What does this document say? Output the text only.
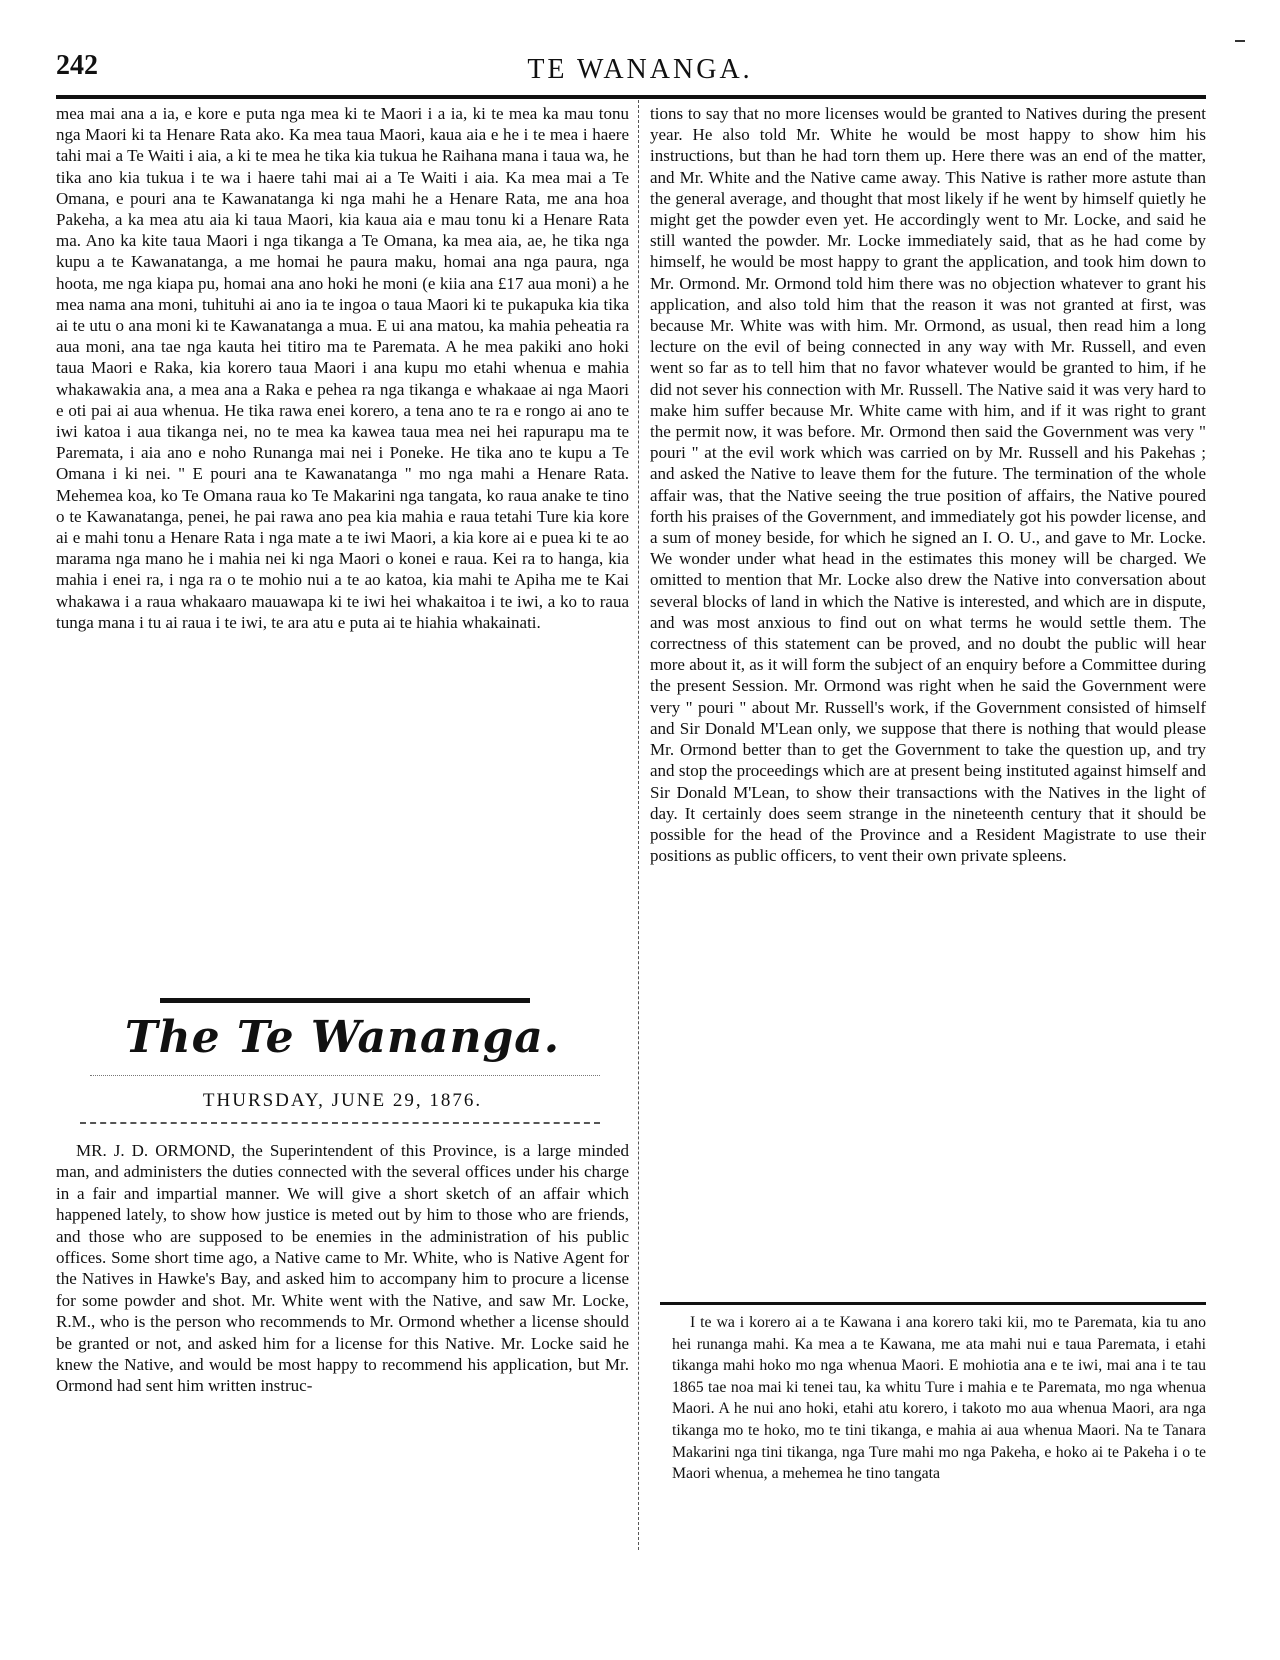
242	TE WANANGA.

mea mai ana a ia, e kore e puta nga mea ki te Maori i a ia, ki te mea ka mau tonu nga Maori ki ta Henare Rata ako. Ka mea taua Maori, kaua aia e he i te mea i haere tahi mai a Te Waiti i aia, a ki te mea he tika kia tukua he Raihana mana i taua wa, he tika ano kia tukua i te wa i haere tahi mai ai a Te Waiti i aia. Ka mea mai a Te Omana, e pouri ana te Kawanatanga ki nga mahi he a Henare Rata, me ana hoa Pakeha, a ka mea atu aia ki taua Maori, kia kaua aia e mau tonu ki a Henare Rata ma. Ano ka kite taua Maori i nga tikanga a Te Omana, ka mea aia, ae, he tika nga kupu a te Kawanatanga, a me homai he paura maku, homai ana nga paura, nga hoota, me nga kiapa pu, homai ana ano hoki he moni (e kiia ana £17 aua moni) a he mea nama ana moni, tuhituhi ai ano ia te ingoa o taua Maori ki te pukapuka kia tika ai te utu o ana moni ki te Kawanatanga a mua. E ui ana matou, ka mahia peheatia ra aua moni, ana tae nga kauta hei titiro ma te Paremata. A he mea pakiki ano hoki taua Maori e Raka, kia korero taua Maori i ana kupu mo etahi whenua e mahia whakawakia ana, a mea ana a Raka e pehea ra nga tikanga e whakaae ai nga Maori e oti pai ai aua whenua. He tika rawa enei korero, a tena ano te ra e rongo ai ano te iwi katoa i aua tikanga nei, no te mea ka kawea taua mea nei hei rapurapu ma te Paremata, i aia ano e noho Runanga mai nei i Poneke. He tika ano te kupu a Te Omana i ki nei. " E pouri ana te Kawanatanga " mo nga mahi a Henare Rata. Mehemea koa, ko Te Omana raua ko Te Makarini nga tangata, ko raua anake te tino o te Kawanatanga, penei, he pai rawa ano pea kia mahia e raua tetahi Ture kia kore ai e mahi tonu a Henare Rata i nga mate a te iwi Maori, a kia kore ai e puea ki te ao marama nga mano he i mahia nei ki nga Maori o konei e raua. Kei ra to hanga, kia mahia i enei ra, i nga ra o te mohio nui a te ao katoa, kia mahi te Apiha me te Kai whakawa i a raua whakaaro mauawapa ki te iwi hei whakaitoa i te iwi, a ko to raua tunga mana i tu ai raua i te iwi, te ara atu e puta ai te hiahia whakainati.

The Te Wananga.
THURSDAY, JUNE 29, 1876.

MR. J. D. ORMOND, the Superintendent of this Province, is a large minded man, and administers the duties connected with the several offices under his charge in a fair and impartial manner. We will give a short sketch of an affair which happened lately, to show how justice is meted out by him to those who are friends, and those who are supposed to be enemies in the administration of his public offices. Some short time ago, a Native came to Mr. White, who is Native Agent for the Natives in Hawke's Bay, and asked him to accompany him to procure a license for some powder and shot. Mr. White went with the Native, and saw Mr. Locke, R.M., who is the person who recommends to Mr. Ormond whether a license should be granted or not, and asked him for a license for this Native. Mr. Locke said he knew the Native, and would be most happy to recommend his application, but Mr. Ormond had sent him written instruc-

tions to say that no more licenses would be granted to Natives during the present year. He also told Mr. White he would be most happy to show him his instructions, but than he had torn them up. Here there was an end of the matter, and Mr. White and the Native came away. This Native is rather more astute than the general average, and thought that most likely if he went by himself quietly he might get the powder even yet. He accordingly went to Mr. Locke, and said he still wanted the powder. Mr. Locke immediately said, that as he had come by himself, he would be most happy to grant the application, and took him down to Mr. Ormond. Mr. Ormond told him there was no objection whatever to grant his application, and also told him that the reason it was not granted at first, was because Mr. White was with him. Mr. Ormond, as usual, then read him a long lecture on the evil of being connected in any way with Mr. Russell, and even went so far as to tell him that no favor whatever would be granted to him, if he did not sever his connection with Mr. Russell. The Native said it was very hard to make him suffer because Mr. White came with him, and if it was right to grant the permit now, it was before. Mr. Ormond then said the Government was very " pouri " at the evil work which was carried on by Mr. Russell and his Pakehas ; and asked the Native to leave them for the future. The termination of the whole affair was, that the Native seeing the true position of affairs, the Native poured forth his praises of the Government, and immediately got his powder license, and a sum of money beside, for which he signed an I. O. U., and gave to Mr. Locke. We wonder under what head in the estimates this money will be charged. We omitted to mention that Mr. Locke also drew the Native into conversation about several blocks of land in which the Native is interested, and which are in dispute, and was most anxious to find out on what terms he would settle them. The correctness of this statement can be proved, and no doubt the public will hear more about it, as it will form the subject of an enquiry before a Committee during the present Session. Mr. Ormond was right when he said the Government were very " pouri " about Mr. Russell's work, if the Government consisted of himself and Sir Donald M'Lean only, we suppose that there is nothing that would please Mr. Ormond better than to get the Government to take the question up, and try and stop the proceedings which are at present being instituted against himself and Sir Donald M'Lean, to show their transactions with the Natives in the light of day. It certainly does seem strange in the nineteenth century that it should be possible for the head of the Province and a Resident Magistrate to use their positions as public officers, to vent their own private spleens.

I te wa i korero ai a te Kawana i ana korero taki kii, mo te Paremata, kia tu ano hei runanga mahi. Ka mea a te Kawana, me ata mahi nui e taua Paremata, i etahi tikanga mahi hoko mo nga whenua Maori. E mohiotia ana e te iwi, mai ana i te tau 1865 tae noa mai ki tenei tau, ka whitu Ture i mahia e te Paremata, mo nga whenua Maori. A he nui ano hoki, etahi atu korero, i takoto mo aua whenua Maori, ara nga tikanga mo te hoko, mo te tini tikanga, e mahia ai aua whenua Maori. Na te Tanara Makarini nga tini tikanga, nga Ture mahi mo nga Pakeha, e hoko ai te Pakeha i o te Maori whenua, a mehemea he tino tangata
